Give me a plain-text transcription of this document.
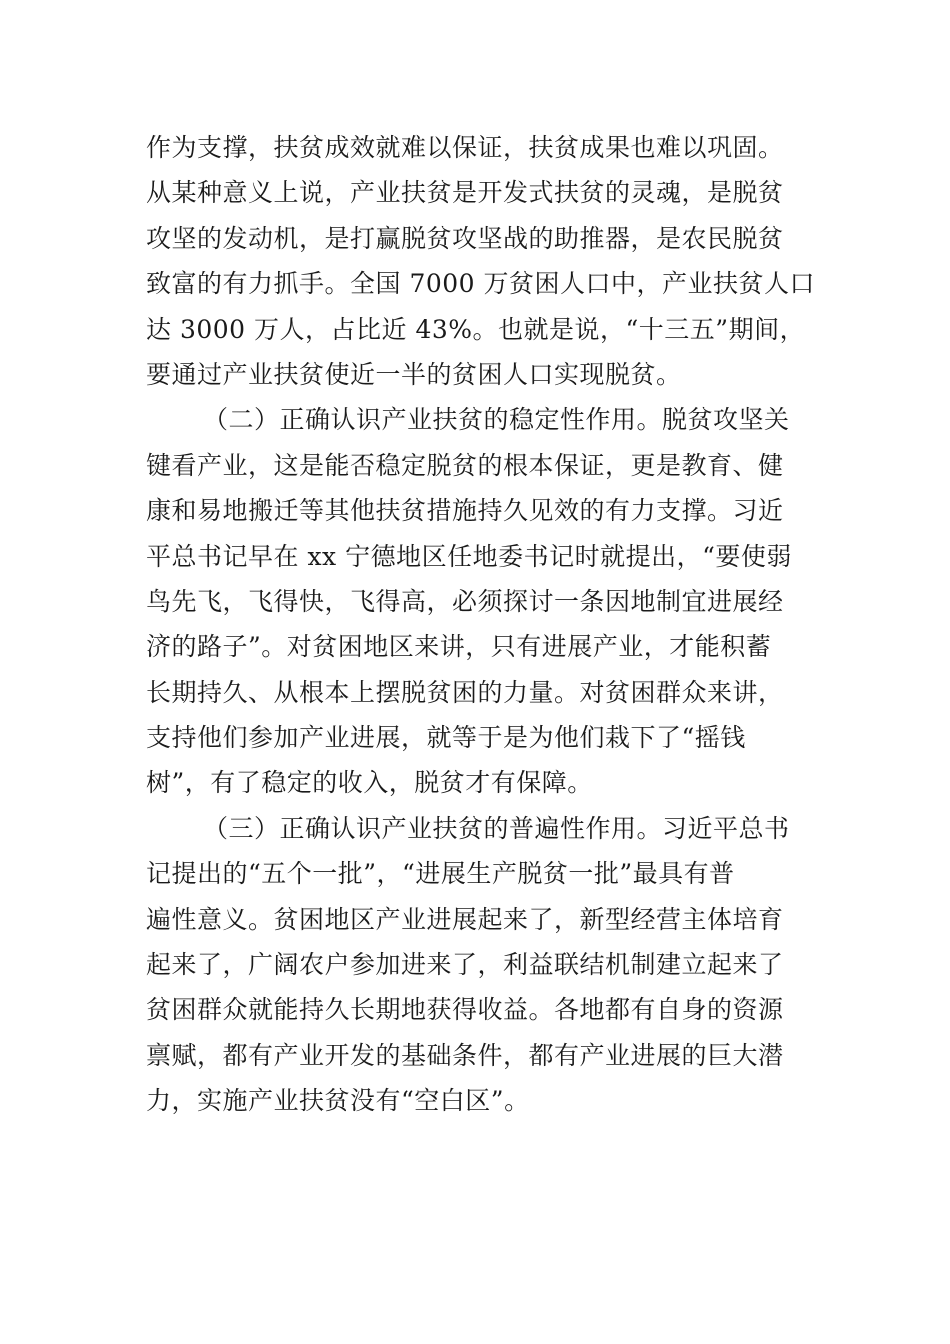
作为支撑，扶贫成效就难以保证，扶贫成果也难以巩固。
从某种意义上说，产业扶贫是开发式扶贫的灵魂，是脱贫
攻坚的发动机，是打赢脱贫攻坚战的助推器，是农民脱贫
致富的有力抓手。全国 7000 万贫困人口中，产业扶贫人口
达 3000 万人，占比近 43%。也就是说，“十三五”期间，
要通过产业扶贫使近一半的贫困人口实现脱贫。
（二）正确认识产业扶贫的稳定性作用。脱贫攻坚关
键看产业，这是能否稳定脱贫的根本保证，更是教育、健
康和易地搬迁等其他扶贫措施持久见效的有力支撑。习近
平总书记早在 xx 宁德地区任地委书记时就提出，“要使弱
鸟先飞，飞得快，飞得高，必须探讨一条因地制宜进展经
济的路子”。对贫困地区来讲，只有进展产业，才能积蓄
长期持久、从根本上摆脱贫困的力量。对贫困群众来讲，
支持他们参加产业进展，就等于是为他们栽下了“摇钱
树”，有了稳定的收入，脱贫才有保障。
（三）正确认识产业扶贫的普遍性作用。习近平总书
记提出的“五个一批”，“进展生产脱贫一批”最具有普
遍性意义。贫困地区产业进展起来了，新型经营主体培育
起来了，广阔农户参加进来了，利益联结机制建立起来了
贫困群众就能持久长期地获得收益。各地都有自身的资源
禀赋，都有产业开发的基础条件，都有产业进展的巨大潜
力，实施产业扶贫没有“空白区”。
